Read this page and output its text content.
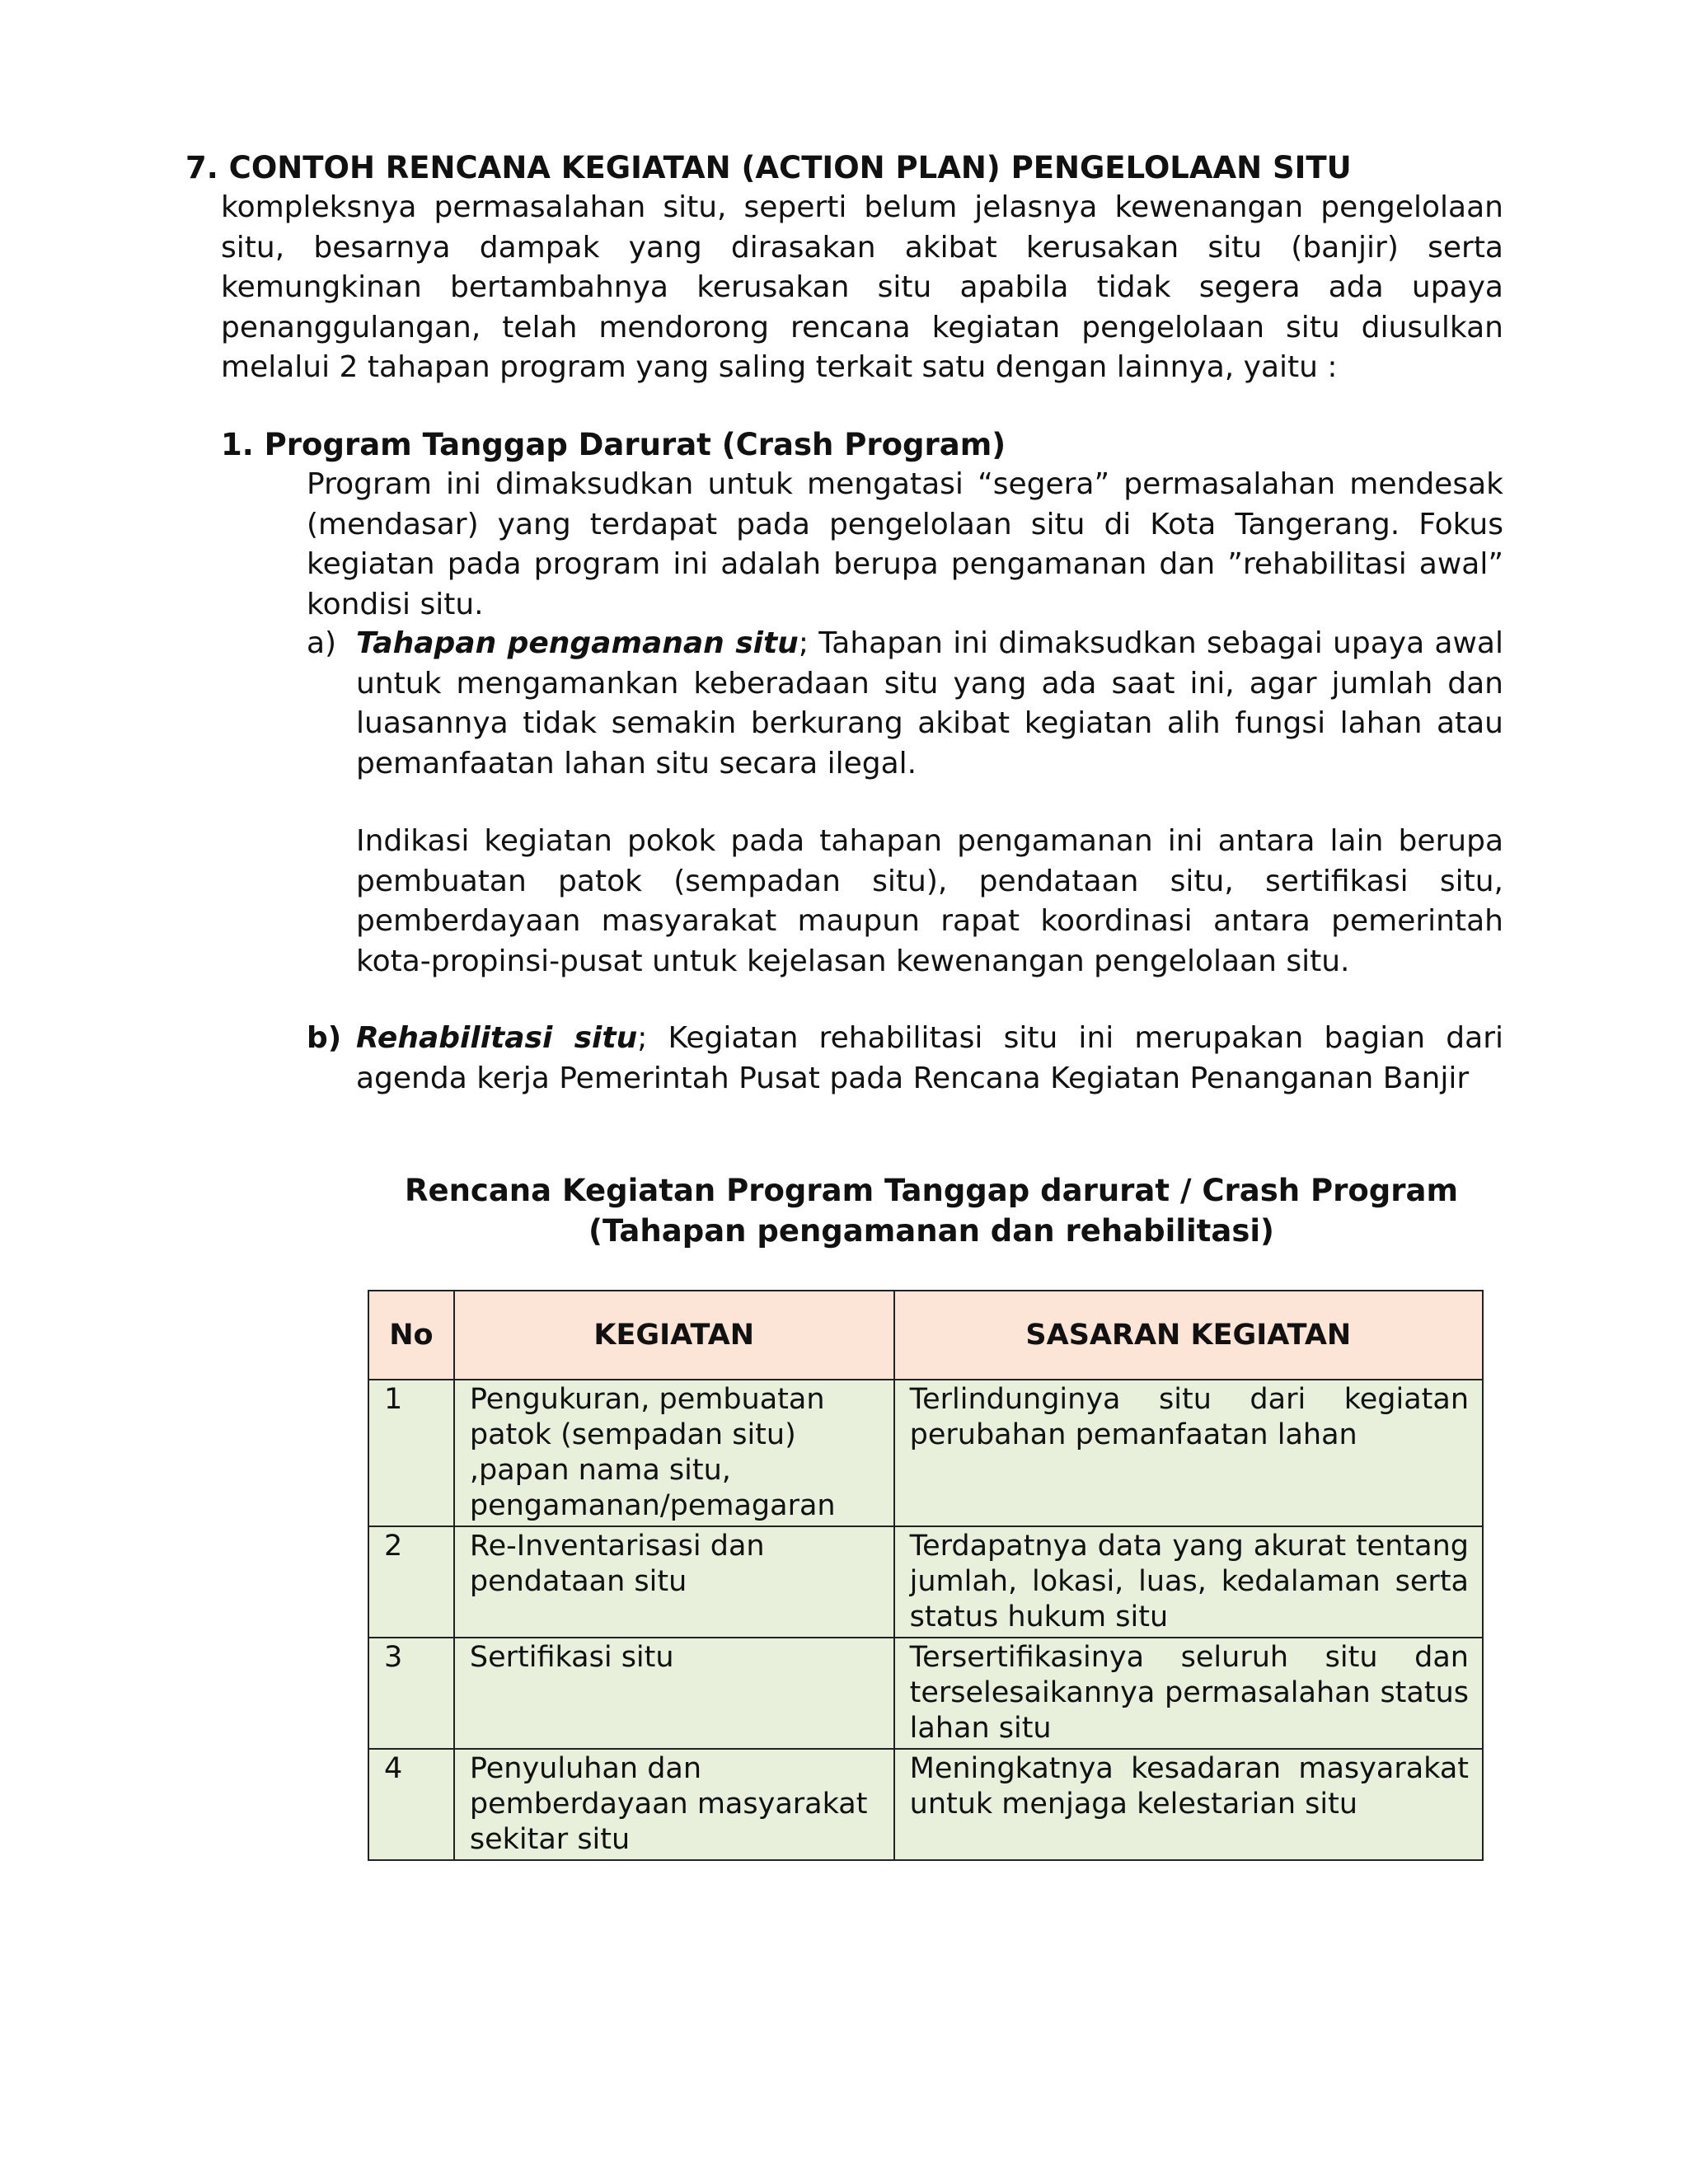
7. CONTOH RENCANA KEGIATAN (ACTION PLAN) PENGELOLAAN SITU

kompleksnya permasalahan situ, seperti belum jelasnya kewenangan pengelolaan situ, besarnya dampak yang dirasakan akibat kerusakan situ (banjir) serta kemungkinan bertambahnya kerusakan situ apabila tidak segera ada upaya penanggulangan, telah mendorong rencana kegiatan pengelolaan situ diusulkan melalui 2 tahapan program yang saling terkait satu dengan lainnya, yaitu :

1. Program Tanggap Darurat (Crash Program)

Program ini dimaksudkan untuk mengatasi “segera” permasalahan mendesak (mendasar) yang terdapat pada pengelolaan situ di Kota Tangerang. Fokus kegiatan pada program ini adalah berupa pengamanan dan ”rehabilitasi awal” kondisi situ.

a) Tahapan pengamanan situ; Tahapan ini dimaksudkan sebagai upaya awal untuk mengamankan keberadaan situ yang ada saat ini, agar jumlah dan luasannya tidak semakin berkurang akibat kegiatan alih fungsi lahan atau pemanfaatan lahan situ secara ilegal.

Indikasi kegiatan pokok pada tahapan pengamanan ini antara lain berupa pembuatan patok (sempadan situ), pendataan situ, sertifikasi situ, pemberdayaan masyarakat maupun rapat koordinasi antara pemerintah kota-propinsi-pusat untuk kejelasan kewenangan pengelolaan situ.

b) Rehabilitasi situ; Kegiatan rehabilitasi situ ini merupakan bagian dari agenda kerja Pemerintah Pusat pada Rencana Kegiatan Penanganan Banjir
Rencana Kegiatan Program Tanggap darurat / Crash Program
(Tahapan pengamanan dan rehabilitasi)
No	KEGIATAN	SASARAN KEGIATAN
1	Pengukuran, pembuatan patok (sempadan situ) ,papan nama situ, pengamanan/pemagaran	Terlindunginya situ dari kegiatan perubahan pemanfaatan lahan
2	Re-Inventarisasi dan pendataan situ	Terdapatnya data yang akurat tentang jumlah, lokasi, luas, kedalaman serta status hukum situ
3	Sertifikasi situ	Tersertifikasinya seluruh situ dan terselesaikannya permasalahan status lahan situ
4	Penyuluhan dan pemberdayaan masyarakat sekitar situ	Meningkatnya kesadaran masyarakat untuk menjaga kelestarian situ
